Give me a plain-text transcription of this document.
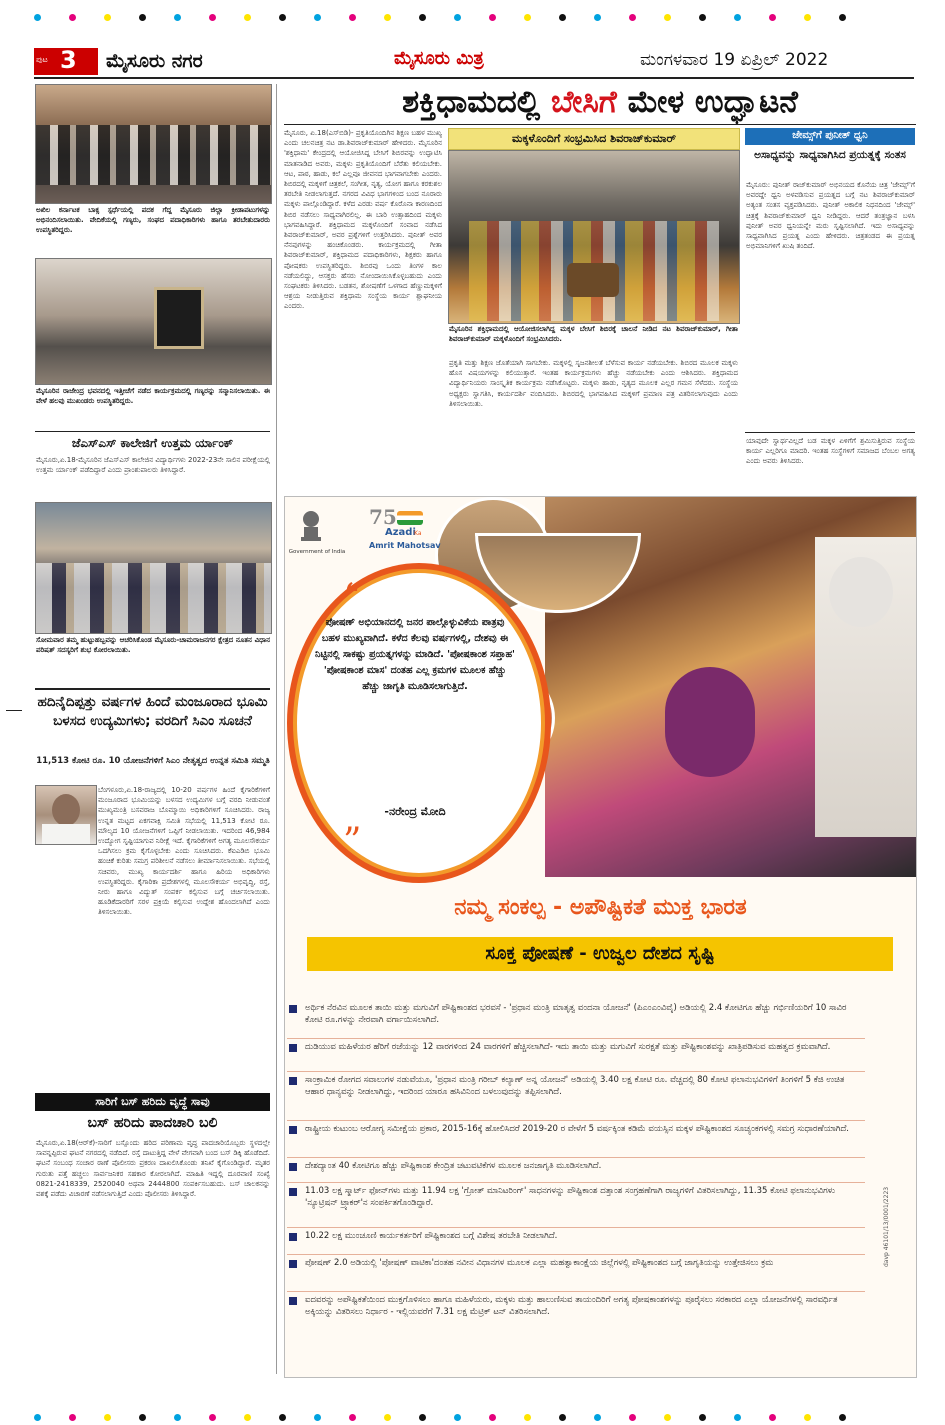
ಪುಟ 3 ಮೈಸೂರು ನಗರ	ಮೈಸೂರು ಮಿತ್ರ	ಮಂಗಳವಾರ 19 ಏಪ್ರಿಲ್ 2022
ಅಖಿಲ ಕರ್ನಾಟಕ ಬಾಕ್ಸ ಸ್ಪರ್ಧೆಯಲ್ಲಿ ಪದಕ ಗೆದ್ದ ಮೈಸೂರು ಜಿಲ್ಲಾ ಕ್ರೀಡಾಪಟುಗಳನ್ನು ಅಭಿನಂದಿಸಲಾಯಿತು. ವೇದಿಕೆಯಲ್ಲಿ ಗಣ್ಯರು, ಸಂಘದ ಪದಾಧಿಕಾರಿಗಳು ಹಾಗೂ ತರಬೇತುದಾರರು ಉಪಸ್ಥಿತರಿದ್ದರು.
ಮೈಸೂರಿನ ರಾಜೇಂದ್ರ ಭವನದಲ್ಲಿ ಇತ್ತೀಚೆಗೆ ನಡೆದ ಕಾರ್ಯಕ್ರಮದಲ್ಲಿ ಗಣ್ಯರನ್ನು ಸನ್ಮಾನಿಸಲಾಯಿತು. ಈ ವೇಳೆ ಹಲವು ಮುಖಂಡರು ಉಪಸ್ಥಿತರಿದ್ದರು.
ಜೆಎಸ್‌ಎಸ್ ಕಾಲೇಜಿಗೆ ಉತ್ತಮ ರ್ಯಾಂಕ್
ಮೈಸೂರು,ಏ.18-ಮೈಸೂರಿನ ಜೆಎಸ್‌ಎಸ್ ಕಾಲೇಜಿನ ವಿದ್ಯಾರ್ಥಿಗಳು 2022-23ನೇ ಸಾಲಿನ ಪರೀಕ್ಷೆಯಲ್ಲಿ ಉತ್ತಮ ರ್ಯಾಂಕ್ ಪಡೆದಿದ್ದಾರೆ ಎಂದು ಪ್ರಾಂಶುಪಾಲರು ತಿಳಿಸಿದ್ದಾರೆ.
ಸೋಮವಾರ ತಮ್ಮ ಹುಟ್ಟುಹಬ್ಬವನ್ನು ಆಚರಿಸಿಕೊಂಡ ಮೈಸೂರು-ಚಾಮರಾಜನಗರ ಕ್ಷೇತ್ರದ ನೂತನ ವಿಧಾನ ಪರಿಷತ್ ಸದಸ್ಯರಿಗೆ ಶುಭ ಕೋರಲಾಯಿತು.
ಹದಿನೈದಿಪ್ಪತ್ತು ವರ್ಷಗಳ ಹಿಂದೆ ಮಂಜೂರಾದ ಭೂಮಿ ಬಳಸದ ಉದ್ಯಮಿಗಳು; ವರದಿಗೆ ಸಿಎಂ ಸೂಚನೆ
11,513 ಕೋಟಿ ರೂ. 10 ಯೋಜನೆಗಳಿಗೆ ಸಿಎಂ ನೇತೃತ್ವದ ಉನ್ನತ ಸಮಿತಿ ಸಮ್ಮತಿ
ಬೆಂಗಳೂರು,ಏ.18-ರಾಜ್ಯದಲ್ಲಿ 10-20 ವರ್ಷಗಳ ಹಿಂದೆ ಕೈಗಾರಿಕೆಗಳಿಗೆ ಮಂಜೂರಾದ ಭೂಮಿಯನ್ನು ಬಳಸದ ಉದ್ಯಮಿಗಳ ಬಗ್ಗೆ ವರದಿ ನೀಡುವಂತೆ ಮುಖ್ಯಮಂತ್ರಿ ಬಸವರಾಜ ಬೊಮ್ಮಾಯಿ ಅಧಿಕಾರಿಗಳಿಗೆ ಸೂಚಿಸಿದರು. ರಾಜ್ಯ ಉನ್ನತ ಮಟ್ಟದ ಏಕಗವಾಕ್ಷಿ ಸಮಿತಿ ಸಭೆಯಲ್ಲಿ 11,513 ಕೋಟಿ ರೂ. ಮೌಲ್ಯದ 10 ಯೋಜನೆಗಳಿಗೆ ಒಪ್ಪಿಗೆ ನೀಡಲಾಯಿತು. ಇದರಿಂದ 46,984 ಉದ್ಯೋಗ ಸೃಷ್ಟಿಯಾಗುವ ನಿರೀಕ್ಷೆ ಇದೆ. ಕೈಗಾರಿಕೆಗಳಿಗೆ ಅಗತ್ಯ ಮೂಲಸೌಕರ್ಯ ಒದಗಿಸಲು ಕ್ರಮ ಕೈಗೊಳ್ಳಬೇಕು ಎಂದು ಸೂಚಿಸಿದರು. ಕೆಐಎಡಿಬಿ ಭೂಮಿ ಹಂಚಿಕೆ ಕುರಿತು ಸಮಗ್ರ ಪರಿಶೀಲನೆ ನಡೆಸಲು ತೀರ್ಮಾನಿಸಲಾಯಿತು. ಸಭೆಯಲ್ಲಿ ಸಚಿವರು, ಮುಖ್ಯ ಕಾರ್ಯದರ್ಶಿ ಹಾಗೂ ಹಿರಿಯ ಅಧಿಕಾರಿಗಳು ಉಪಸ್ಥಿತರಿದ್ದರು. ಕೈಗಾರಿಕಾ ಪ್ರದೇಶಗಳಲ್ಲಿ ಮೂಲಸೌಕರ್ಯ ಅಭಿವೃದ್ಧಿ, ರಸ್ತೆ, ನೀರು ಹಾಗೂ ವಿದ್ಯುತ್ ಸಂಪರ್ಕ ಕಲ್ಪಿಸುವ ಬಗ್ಗೆ ಚರ್ಚಿಸಲಾಯಿತು. ಹೂಡಿಕೆದಾರರಿಗೆ ಸರಳ ಪ್ರಕ್ರಿಯೆ ಕಲ್ಪಿಸುವ ಉದ್ದೇಶ ಹೊಂದಲಾಗಿದೆ ಎಂದು ತಿಳಿಸಲಾಯಿತು.
ಸಾರಿಗೆ ಬಸ್ ಹರಿದು ವೃದ್ಧೆ ಸಾವು
ಬಸ್ ಹರಿದು ಪಾದಚಾರಿ ಬಲಿ
ಮೈಸೂರು,ಏ.18(ಆರ್‌ಕೆ)-ಸಾರಿಗೆ ಬಸ್ಸೊಂದು ಹರಿದ ಪರಿಣಾಮ ವೃದ್ಧ ಪಾದಚಾರಿಯೊಬ್ಬರು ಸ್ಥಳದಲ್ಲೇ ಸಾವನ್ನಪ್ಪಿರುವ ಘಟನೆ ನಗರದಲ್ಲಿ ನಡೆದಿದೆ. ರಸ್ತೆ ದಾಟುತ್ತಿದ್ದ ವೇಳೆ ವೇಗವಾಗಿ ಬಂದ ಬಸ್ ಡಿಕ್ಕಿ ಹೊಡೆದಿದೆ. ಘಟನೆ ಸಂಬಂಧ ಸಂಚಾರ ಠಾಣೆ ಪೊಲೀಸರು ಪ್ರಕರಣ ದಾಖಲಿಸಿಕೊಂಡು ತನಿಖೆ ಕೈಗೊಂಡಿದ್ದಾರೆ. ಮೃತರ ಗುರುತು ಪತ್ತೆ ಹಚ್ಚಲು ಸಾರ್ವಜನಿಕರ ಸಹಕಾರ ಕೋರಲಾಗಿದೆ. ಮಾಹಿತಿ ಇದ್ದಲ್ಲಿ ದೂರವಾಣಿ ಸಂಖ್ಯೆ 0821-2418339, 2520040 ಅಥವಾ 2444800 ಸಂಪರ್ಕಿಸಬಹುದು. ಬಸ್ ಚಾಲಕನನ್ನು ವಶಕ್ಕೆ ಪಡೆದು ವಿಚಾರಣೆ ನಡೆಸಲಾಗುತ್ತಿದೆ ಎಂದು ಪೊಲೀಸರು ತಿಳಿಸಿದ್ದಾರೆ.
ಶಕ್ತಿಧಾಮದಲ್ಲಿ ಬೇಸಿಗೆ ಮೇಳ ಉದ್ಘಾಟನೆ
ಮೈಸೂರು, ಏ.18(ಎಸ್‌ಬಿಡಿ)- ಪ್ರಕೃತಿಯೊಂದಿಗಿನ ಶಿಕ್ಷಣ ಬಹಳ ಮುಖ್ಯ ಎಂದು ಚಲನಚಿತ್ರ ನಟ ಡಾ.ಶಿವರಾಜ್‌ಕುಮಾರ್ ಹೇಳಿದರು. ಮೈಸೂರಿನ 'ಶಕ್ತಿಧಾಮ' ಕೇಂದ್ರದಲ್ಲಿ ಆಯೋಜಿಸಿದ್ದ ಬೇಸಿಗೆ ಶಿಬಿರವನ್ನು ಉದ್ಘಾಟಿಸಿ ಮಾತನಾಡಿದ ಅವರು, ಮಕ್ಕಳು ಪ್ರಕೃತಿಯೊಂದಿಗೆ ಬೆರೆತು ಕಲಿಯಬೇಕು. ಆಟ, ಪಾಠ, ಹಾಡು, ಕಲೆ ಎಲ್ಲವೂ ಜೀವನದ ಭಾಗವಾಗಬೇಕು ಎಂದರು. ಶಿಬಿರದಲ್ಲಿ ಮಕ್ಕಳಿಗೆ ಚಿತ್ರಕಲೆ, ಸಂಗೀತ, ನೃತ್ಯ, ಯೋಗ ಹಾಗೂ ಕರಕುಶಲ ತರಬೇತಿ ನೀಡಲಾಗುತ್ತದೆ. ನಗರದ ವಿವಿಧ ಭಾಗಗಳಿಂದ ಬಂದ ನೂರಾರು ಮಕ್ಕಳು ಪಾಲ್ಗೊಂಡಿದ್ದಾರೆ. ಕಳೆದ ಎರಡು ವರ್ಷ ಕೊರೊನಾ ಕಾರಣದಿಂದ ಶಿಬಿರ ನಡೆಸಲು ಸಾಧ್ಯವಾಗಿರಲಿಲ್ಲ. ಈ ಬಾರಿ ಉತ್ಸಾಹದಿಂದ ಮಕ್ಕಳು ಭಾಗವಹಿಸಿದ್ದಾರೆ. ಶಕ್ತಿಧಾಮದ ಮಕ್ಕಳೊಂದಿಗೆ ಸಂವಾದ ನಡೆಸಿದ ಶಿವರಾಜ್‌ಕುಮಾರ್, ಅವರ ಪ್ರಶ್ನೆಗಳಿಗೆ ಉತ್ತರಿಸಿದರು. ಪುನೀತ್ ಅವರ ನೆನಪುಗಳನ್ನು ಹಂಚಿಕೊಂಡರು. ಕಾರ್ಯಕ್ರಮದಲ್ಲಿ ಗೀತಾ ಶಿವರಾಜ್‌ಕುಮಾರ್, ಶಕ್ತಿಧಾಮದ ಪದಾಧಿಕಾರಿಗಳು, ಶಿಕ್ಷಕರು ಹಾಗೂ ಪೋಷಕರು ಉಪಸ್ಥಿತರಿದ್ದರು. ಶಿಬಿರವು ಒಂದು ತಿಂಗಳ ಕಾಲ ನಡೆಯಲಿದ್ದು, ಆಸಕ್ತರು ಹೆಸರು ನೋಂದಾಯಿಸಿಕೊಳ್ಳಬಹುದು ಎಂದು ಸಂಘಟಕರು ತಿಳಿಸಿದರು. ಬಡತನ, ಶೋಷಣೆಗೆ ಒಳಗಾದ ಹೆಣ್ಣುಮಕ್ಕಳಿಗೆ ಆಶ್ರಯ ನೀಡುತ್ತಿರುವ ಶಕ್ತಿಧಾಮ ಸಂಸ್ಥೆಯ ಕಾರ್ಯ ಶ್ಲಾಘನೀಯ ಎಂದರು.
ಮಕ್ಕಳೊಂದಿಗೆ ಸಂಭ್ರಮಿಸಿದ ಶಿವರಾಜ್‌ಕುಮಾರ್
ಮೈಸೂರಿನ ಶಕ್ತಿಧಾಮದಲ್ಲಿ ಆಯೋಜಿಸಲಾಗಿದ್ದ ಮಕ್ಕಳ ಬೇಸಿಗೆ ಶಿಬಿರಕ್ಕೆ ಚಾಲನೆ ನೀಡಿದ ನಟ ಶಿವರಾಜ್‌ಕುಮಾರ್, ಗೀತಾ ಶಿವರಾಜ್‌ಕುಮಾರ್ ಮಕ್ಕಳೊಂದಿಗೆ ಸಂಭ್ರಮಿಸಿದರು.
ಪ್ರಕೃತಿ ಮತ್ತು ಶಿಕ್ಷಣ ಜೊತೆಯಾಗಿ ಸಾಗಬೇಕು. ಮಕ್ಕಳಲ್ಲಿ ಸೃಜನಶೀಲತೆ ಬೆಳೆಸುವ ಕಾರ್ಯ ನಡೆಯಬೇಕು. ಶಿಬಿರದ ಮೂಲಕ ಮಕ್ಕಳು ಹೊಸ ವಿಷಯಗಳನ್ನು ಕಲಿಯುತ್ತಾರೆ. ಇಂತಹ ಕಾರ್ಯಕ್ರಮಗಳು ಹೆಚ್ಚು ನಡೆಯಬೇಕು ಎಂದು ಆಶಿಸಿದರು. ಶಕ್ತಿಧಾಮದ ವಿದ್ಯಾರ್ಥಿನಿಯರು ಸಾಂಸ್ಕೃತಿಕ ಕಾರ್ಯಕ್ರಮ ನಡೆಸಿಕೊಟ್ಟರು. ಮಕ್ಕಳು ಹಾಡು, ನೃತ್ಯದ ಮೂಲಕ ಎಲ್ಲರ ಗಮನ ಸೆಳೆದರು. ಸಂಸ್ಥೆಯ ಅಧ್ಯಕ್ಷರು ಸ್ವಾಗತಿಸಿ, ಕಾರ್ಯದರ್ಶಿ ವಂದಿಸಿದರು. ಶಿಬಿರದಲ್ಲಿ ಭಾಗವಹಿಸಿದ ಮಕ್ಕಳಿಗೆ ಪ್ರಮಾಣ ಪತ್ರ ವಿತರಿಸಲಾಗುವುದು ಎಂದು ತಿಳಿಸಲಾಯಿತು.
ಜೇಮ್ಸ್‌ಗೆ ಪುನೀತ್ ಧ್ವನಿ
ಅಸಾಧ್ಯವನ್ನು ಸಾಧ್ಯವಾಗಿಸಿದ ಪ್ರಯತ್ನಕ್ಕೆ ಸಂತಸ
ಮೈಸೂರು: ಪುನೀತ್ ರಾಜ್‌ಕುಮಾರ್ ಅಭಿನಯದ ಕೊನೆಯ ಚಿತ್ರ 'ಜೇಮ್ಸ್'ಗೆ ಅವರದ್ದೇ ಧ್ವನಿ ಅಳವಡಿಸುವ ಪ್ರಯತ್ನದ ಬಗ್ಗೆ ನಟ ಶಿವರಾಜ್‌ಕುಮಾರ್ ಅತ್ಯಂತ ಸಂತಸ ವ್ಯಕ್ತಪಡಿಸಿದರು. ಪುನೀತ್ ಅಕಾಲಿಕ ನಿಧನದಿಂದ 'ಜೇಮ್ಸ್' ಚಿತ್ರಕ್ಕೆ ಶಿವರಾಜ್‌ಕುಮಾರ್ ಧ್ವನಿ ನೀಡಿದ್ದರು. ಆದರೆ ತಂತ್ರಜ್ಞಾನ ಬಳಸಿ ಪುನೀತ್ ಅವರ ಧ್ವನಿಯನ್ನೇ ಮರು ಸೃಷ್ಟಿಸಲಾಗಿದೆ. ಇದು ಅಸಾಧ್ಯವನ್ನು ಸಾಧ್ಯವಾಗಿಸಿದ ಪ್ರಯತ್ನ ಎಂದು ಹೇಳಿದರು. ಚಿತ್ರತಂಡದ ಈ ಪ್ರಯತ್ನ ಅಭಿಮಾನಿಗಳಿಗೆ ಖುಷಿ ತಂದಿದೆ.
ಯಾವುದೇ ಸ್ವಾರ್ಥವಿಲ್ಲದೆ ಬಡ ಮಕ್ಕಳ ಏಳಿಗೆಗೆ ಶ್ರಮಿಸುತ್ತಿರುವ ಸಂಸ್ಥೆಯ ಕಾರ್ಯ ಎಲ್ಲರಿಗೂ ಮಾದರಿ. ಇಂತಹ ಸಂಸ್ಥೆಗಳಿಗೆ ಸಮಾಜದ ಬೆಂಬಲ ಅಗತ್ಯ ಎಂದು ಅವರು ತಿಳಿಸಿದರು.
Government of India
75
Azadi
Ka
Amrit Mahotsav
“
ಪೋಷಣ್ ಅಭಿಯಾನದಲ್ಲಿ ಜನರ ಪಾಲ್ಗೊಳ್ಳುವಿಕೆಯ ಪಾತ್ರವು ಬಹಳ ಮುಖ್ಯವಾಗಿದೆ. ಕಳೆದ ಕೆಲವು ವರ್ಷಗಳಲ್ಲಿ, ದೇಶವು ಈ ನಿಟ್ಟಿನಲ್ಲಿ ಸಾಕಷ್ಟು ಪ್ರಯತ್ನಗಳನ್ನು ಮಾಡಿದೆ. 'ಪೋಷಕಾಂಶ ಸಪ್ತಾಹ' 'ಪೋಷಕಾಂಶ ಮಾಸ' ದಂತಹ ಎಲ್ಲ ಕ್ರಮಗಳ ಮೂಲಕ ಹೆಚ್ಚು ಹೆಚ್ಚು ಜಾಗೃತಿ ಮೂಡಿಸಲಾಗುತ್ತಿದೆ.
-ನರೇಂದ್ರ ಮೋದಿ
”
ನಮ್ಮ ಸಂಕಲ್ಪ - ಅಪೌಷ್ಟಿಕತೆ ಮುಕ್ತ ಭಾರತ
ಸೂಕ್ತ ಪೋಷಣೆ - ಉಜ್ವಲ ದೇಶದ ಸೃಷ್ಟಿ
davp 46101/13/0001/2223
ಅರ್ಥಿಕ ನೆರವಿನ ಮೂಲಕ ತಾಯಿ ಮತ್ತು ಮಗುವಿಗೆ ಪೌಷ್ಟಿಕಾಂಶದ ಭರವಸೆ - 'ಪ್ರಧಾನ ಮಂತ್ರಿ ಮಾತೃತ್ವ ವಂದನಾ ಯೋಜನೆ' (ಪಿಎಂಎಂವಿವೈ) ಅಡಿಯಲ್ಲಿ 2.4 ಕೋಟಿಗೂ ಹೆಚ್ಚು ಗರ್ಭಿಣಿಯರಿಗೆ 10 ಸಾವಿರ ಕೋಟಿ ರೂ.ಗಳನ್ನು ನೇರವಾಗಿ ವರ್ಗಾಯಿಸಲಾಗಿದೆ.
ದುಡಿಯುವ ಮಹಿಳೆಯರ ಹೆರಿಗೆ ರಜೆಯನ್ನು 12 ವಾರಗಳಿಂದ 24 ವಾರಗಳಿಗೆ ಹೆಚ್ಚಿಸಲಾಗಿದೆ- ಇದು ತಾಯಿ ಮತ್ತು ಮಗುವಿಗೆ ಸುರಕ್ಷತೆ ಮತ್ತು ಪೌಷ್ಟಿಕಾಂಶವನ್ನು ಖಾತ್ರಿಪಡಿಸುವ ಮಹತ್ವದ ಕ್ರಮವಾಗಿದೆ.
ಸಾಂಕ್ರಾಮಿಕ ರೋಗದ ಸವಾಲುಗಳ ನಡುವೆಯೂ, 'ಪ್ರಧಾನ ಮಂತ್ರಿ ಗರೀಬ್ ಕಲ್ಯಾಣ್ ಅನ್ನ ಯೋಜನೆ' ಅಡಿಯಲ್ಲಿ 3.40 ಲಕ್ಷ ಕೋಟಿ ರೂ. ವೆಚ್ಚದಲ್ಲಿ 80 ಕೋಟಿ ಫಲಾನುಭವಿಗಳಿಗೆ ತಿಂಗಳಿಗೆ 5 ಕೆಜಿ ಉಚಿತ ಆಹಾರ ಧಾನ್ಯವನ್ನು ನೀಡಲಾಗಿದ್ದು, ಇದರಿಂದ ಯಾರೂ ಹಸಿವಿನಿಂದ ಬಳಲುವುದನ್ನು ತಪ್ಪಿಸಲಾಗಿದೆ.
ರಾಷ್ಟ್ರೀಯ ಕುಟುಂಬ ಆರೋಗ್ಯ ಸಮೀಕ್ಷೆಯ ಪ್ರಕಾರ, 2015-16ಕ್ಕೆ ಹೋಲಿಸಿದರೆ 2019-20 ರ ವೇಳೆಗೆ 5 ವರ್ಷಕ್ಕಿಂತ ಕಡಿಮೆ ವಯಸ್ಸಿನ ಮಕ್ಕಳ ಪೌಷ್ಟಿಕಾಂಶದ ಸೂಚ್ಯಂಕಗಳಲ್ಲಿ ಸಮಗ್ರ ಸುಧಾರಣೆಯಾಗಿದೆ.
ದೇಶದ್ಯಾಂತ 40 ಕೋಟಿಗೂ ಹೆಚ್ಚು ಪೌಷ್ಟಿಕಾಂಶ ಕೇಂದ್ರಿತ ಚಟುವಟಿಕೆಗಳ ಮೂಲಕ ಜನಜಾಗೃತಿ ಮೂಡಿಸಲಾಗಿದೆ.
11.03 ಲಕ್ಷ ಸ್ಮಾರ್ಟ್ ಫೋನ್‌ಗಳು ಮತ್ತು 11.94 ಲಕ್ಷ 'ಗ್ರೋತ್ ಮಾನಿಟರಿಂಗ್' ಸಾಧನಗಳನ್ನು ಪೌಷ್ಟಿಕಾಂಶ ದತ್ತಾಂಶ ಸಂಗ್ರಹಣೆಗಾಗಿ ರಾಜ್ಯಗಳಿಗೆ ವಿತರಿಸಲಾಗಿದ್ದು, 11.35 ಕೋಟಿ ಫಲಾನುಭವಿಗಳು 'ನ್ಯೂಟ್ರಿಷನ್ ಟ್ರ್ಯಾಕರ್'ನ ಸಂಪರ್ಕಿತಗೊಂಡಿದ್ದಾರೆ.
10.22 ಲಕ್ಷ ಮುಂಚೂಣಿ ಕಾರ್ಯಕರ್ತರಿಗೆ ಪೌಷ್ಟಿಕಾಂಶದ ಬಗ್ಗೆ ವಿಶೇಷ ತರಬೇತಿ ನೀಡಲಾಗಿದೆ.
ಪೋಷಣ್ 2.0 ಅಡಿಯಲ್ಲಿ 'ಪೋಷಣ್ ವಾಟಿಕಾ'ದಂತಹ ನವೀನ ವಿಧಾನಗಳ ಮೂಲಕ ಎಲ್ಲಾ ಮಹತ್ವಾಕಾಂಕ್ಷೆಯ ಜಿಲ್ಲೆಗಳಲ್ಲಿ ಪೌಷ್ಟಿಕಾಂಶದ ಬಗ್ಗೆ ಜಾಗೃತಿಯನ್ನು ಉತ್ತೇಜಿಸಲು ಕ್ರಮ
ಐದವರನ್ನು ಅಪೌಷ್ಟಿಕತೆಯಿಂದ ಮುಕ್ತಗೊಳಿಸಲು ಹಾಗೂ ಮಹಿಳೆಯರು, ಮಕ್ಕಳು ಮತ್ತು ಹಾಲುಣಿಸುವ ತಾಯಂದಿರಿಗೆ ಅಗತ್ಯ ಪೋಷಕಾಂಶಗಳನ್ನು ಪೂರೈಸಲು ಸರಕಾರದ ಎಲ್ಲಾ ಯೋಜನೆಗಳಲ್ಲಿ ಸಾರವರ್ಧಿತ ಅಕ್ಕಿಯನ್ನು ವಿತರಿಸಲು ನಿರ್ಧಾರ - ಇಲ್ಲಿಯವರೆಗೆ 7.31 ಲಕ್ಷ ಮೆಟ್ರಿಕ್ ಟನ್ ವಿತರಿಸಲಾಗಿದೆ.
